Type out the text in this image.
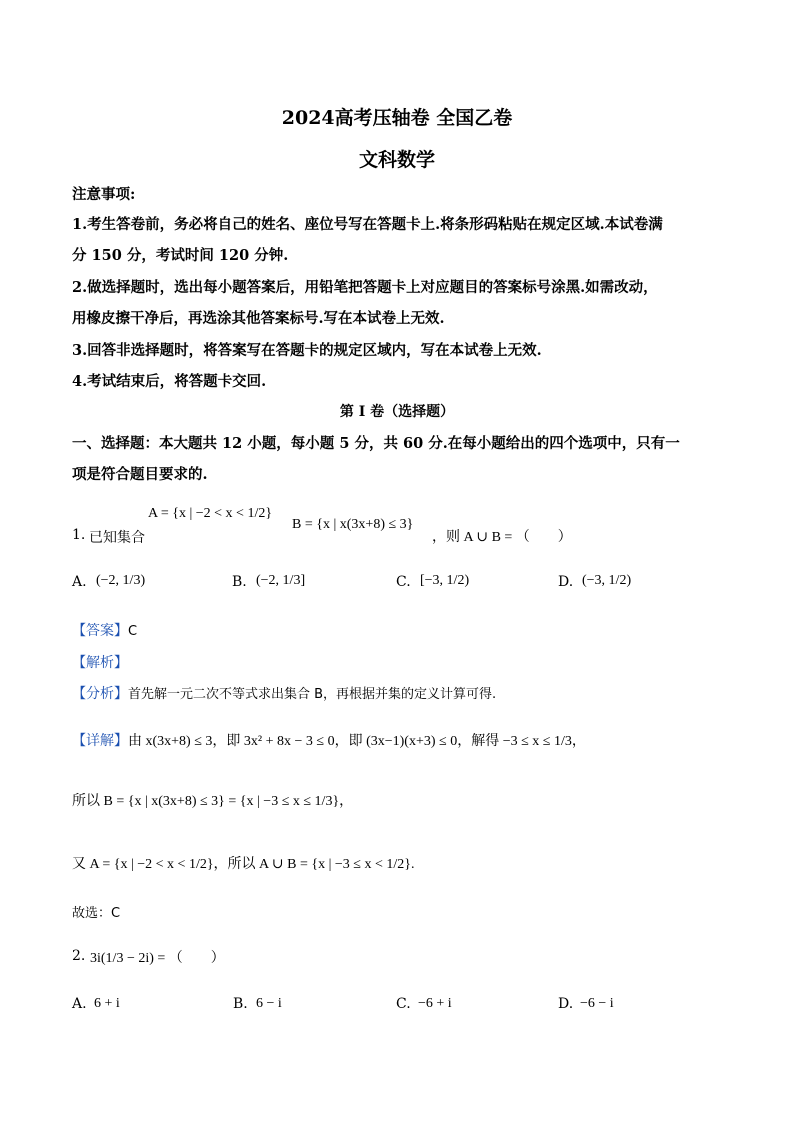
2024高考压轴卷 全国乙卷
文科数学
注意事项:
1.考生答卷前，务必将自己的姓名、座位号写在答题卡上.将条形码粘贴在规定区域.本试卷满
分 150 分，考试时间 120 分钟.
2.做选择题时，选出每小题答案后，用铅笔把答题卡上对应题目的答案标号涂黑.如需改动，
用橡皮擦干净后，再选涂其他答案标号.写在本试卷上无效.
3.回答非选择题时，将答案写在答题卡的规定区域内，写在本试卷上无效.
4.考试结束后，将答题卡交回.
第 I 卷（选择题）
一、选择题：本大题共 12 小题，每小题 5 分，共 60 分.在每小题给出的四个选项中，只有一
项是符合题目要求的.
1. 已知集合
A = {x | −2 < x < 1/2}
B = {x | x(3x+8) ≤ 3}
，则 A ∪ B = （　　）
A. (−2, 1/3)	B. (−2, 1/3]	C. [−3, 1/2)	D. (−3, 1/2)
【答案】C
【解析】
【分析】首先解一元二次不等式求出集合 B，再根据并集的定义计算可得.
【详解】由 x(3x+8) ≤ 3，即 3x² + 8x − 3 ≤ 0，即 (3x−1)(x+3) ≤ 0，解得 −3 ≤ x ≤ 1/3，
所以 B = {x | x(3x+8) ≤ 3} = {x | −3 ≤ x ≤ 1/3}，
又 A = {x | −2 < x < 1/2}，所以 A ∪ B = {x | −3 ≤ x < 1/2}.
故选：C
2. 3i(1/3 − 2i) = （　　）
A. 6 + i	B. 6 − i	C. −6 + i	D. −6 − i
